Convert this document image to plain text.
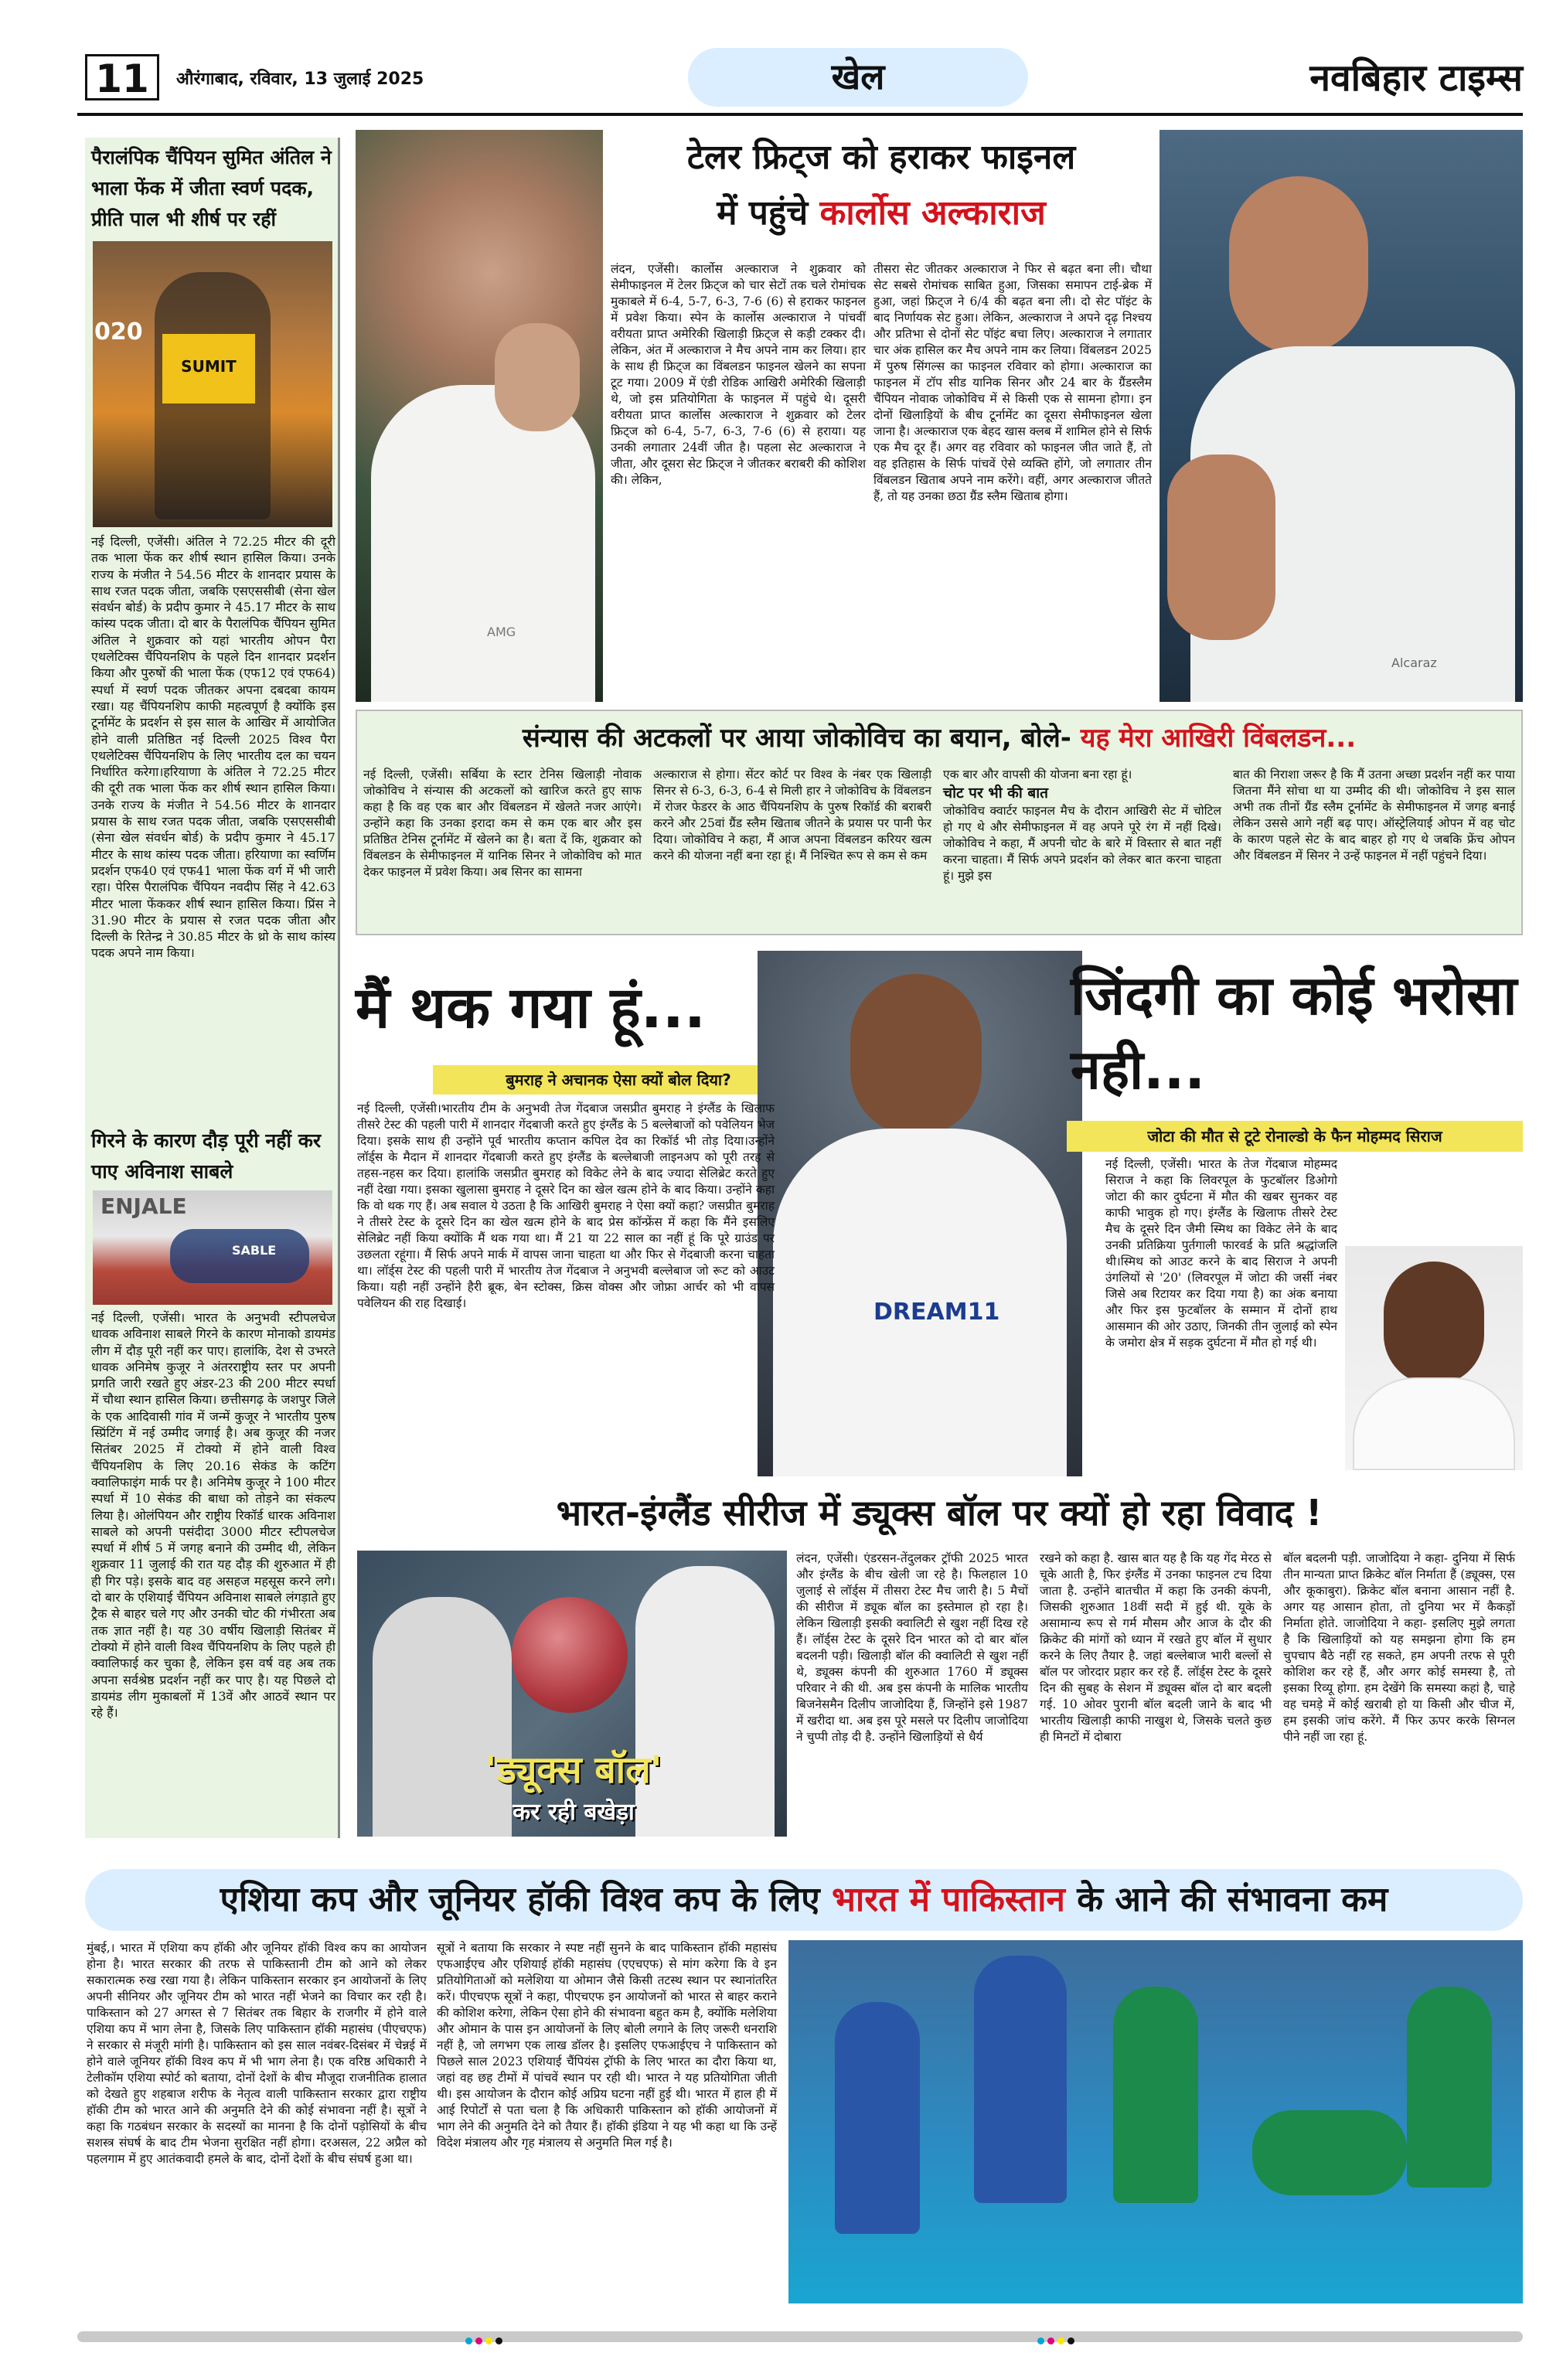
11	औरंगाबाद, रविवार, 13 जुलाई 2025	खेल	नवबिहार टाइम्स
पैरालंपिक चैंपियन सुमित अंतिल ने भाला फेंक में जीता स्वर्ण पदक, प्रीति पाल भी शीर्ष पर रहीं
SUMIT
020
नई दिल्ली, एजेंसी। अंतिल ने 72.25 मीटर की दूरी तक भाला फेंक कर शीर्ष स्थान हासिल किया। उनके राज्य के मंजीत ने 54.56 मीटर के शानदार प्रयास के साथ रजत पदक जीता, जबकि एसएससीबी (सेना खेल संवर्धन बोर्ड) के प्रदीप कुमार ने 45.17 मीटर के साथ कांस्य पदक जीता। दो बार के पैरालंपिक चैंपियन सुमित अंतिल ने शुक्रवार को यहां भारतीय ओपन पैरा एथलेटिक्स चैंपियनशिप के पहले दिन शानदार प्रदर्शन किया और पुरुषों की भाला फेंक (एफ12 एवं एफ64) स्पर्धा में स्वर्ण पदक जीतकर अपना दबदबा कायम रखा। यह चैंपियनशिप काफी महत्वपूर्ण है क्योंकि इस टूर्नामेंट के प्रदर्शन से इस साल के आखिर में आयोजित होने वाली प्रतिष्ठित नई दिल्ली 2025 विश्व पैरा एथलेटिक्स चैंपियनशिप के लिए भारतीय दल का चयन निर्धारित करेगा।हरियाणा के अंतिल ने 72.25 मीटर की दूरी तक भाला फेंक कर शीर्ष स्थान हासिल किया। उनके राज्य के मंजीत ने 54.56 मीटर के शानदार प्रयास के साथ रजत पदक जीता, जबकि एसएससीबी (सेना खेल संवर्धन बोर्ड) के प्रदीप कुमार ने 45.17 मीटर के साथ कांस्य पदक जीता। हरियाणा का स्वर्णिम प्रदर्शन एफ40 एवं एफ41 भाला फेंक वर्ग में भी जारी रहा। पेरिस पैरालंपिक चैंपियन नवदीप सिंह ने 42.63 मीटर भाला फेंककर शीर्ष स्थान हासिल किया। प्रिंस ने 31.90 मीटर के प्रयास से रजत पदक जीता और दिल्ली के रितेन्द्र ने 30.85 मीटर के थ्रो के साथ कांस्य पदक अपने नाम किया।
गिरने के कारण दौड़ पूरी नहीं कर पाए अविनाश साबले
ENJALE
SABLE
नई दिल्ली, एजेंसी। भारत के अनुभवी स्टीपलचेज धावक अविनाश साबले गिरने के कारण मोनाको डायमंड लीग में दौड़ पूरी नहीं कर पाए। हालांकि, देश से उभरते धावक अनिमेष कुजूर ने अंतरराष्ट्रीय स्तर पर अपनी प्रगति जारी रखते हुए अंडर-23 की 200 मीटर स्पर्धा में चौथा स्थान हासिल किया। छत्तीसगढ़ के जशपुर जिले के एक आदिवासी गांव में जन्में कुजूर ने भारतीय पुरुष स्प्रिंटिंग में नई उम्मीद जगाई है। अब कुजूर की नजर सितंबर 2025 में टोक्यो में होने वाली विश्व चैंपियनशिप के लिए 20.16 सेकंड के कटिंग क्वालिफाइंग मार्क पर है। अनिमेष कुजूर ने 100 मीटर स्पर्धा में 10 सेकंड की बाधा को तोड़ने का संकल्प लिया है। ओलंपियन और राष्ट्रीय रिकॉर्ड धारक अविनाश साबले को अपनी पसंदीदा 3000 मीटर स्टीपलचेज स्पर्धा में शीर्ष 5 में जगह बनाने की उम्मीद थी, लेकिन शुक्रवार 11 जुलाई की रात यह दौड़ की शुरुआत में ही ही गिर पड़े। इसके बाद वह असहज महसूस करने लगे। दो बार के एशियाई चैंपियन अविनाश साबले लंगड़ाते हुए ट्रैक से बाहर चले गए और उनकी चोट की गंभीरता अब तक ज्ञात नहीं है। यह 30 वर्षीय खिलाड़ी सितंबर में टोक्यो में होने वाली विश्व चैंपियनशिप के लिए पहले ही क्वालिफाई कर चुका है, लेकिन इस वर्ष वह अब तक अपना सर्वश्रेष्ठ प्रदर्शन नहीं कर पाए है। यह पिछले दो डायमंड लीग मुकाबलों में 13वें और आठवें स्थान पर रहे हैं।
AMG
टेलर फ्रिट्ज को हराकर फाइनल
में पहुंचे कार्लोस अल्काराज
लंदन, एजेंसी। कार्लोस अल्काराज ने शुक्रवार को सेमीफाइनल में टेलर फ्रिट्ज को चार सेटों तक चले रोमांचक मुकाबले में 6-4, 5-7, 6-3, 7-6 (6) से हराकर फाइनल में प्रवेश किया। स्पेन के कार्लोस अल्काराज ने पांचवीं वरीयता प्राप्त अमेरिकी खिलाड़ी फ्रिट्ज से कड़ी टक्कर दी। लेकिन, अंत में अल्काराज ने मैच अपने नाम कर लिया। हार के साथ ही फ्रिट्ज का विंबलडन फाइनल खेलने का सपना टूट गया। 2009 में एंडी रोडिक आखिरी अमेरिकी खिलाड़ी थे, जो इस प्रतियोगिता के फाइनल में पहुंचे थे। दूसरी वरीयता प्राप्त कार्लोस अल्काराज ने शुक्रवार को टेलर फ्रिट्ज को 6-4, 5-7, 6-3, 7-6 (6) से हराया। यह उनकी लगातार 24वीं जीत है। पहला सेट अल्काराज ने जीता, और दूसरा सेट फ्रिट्ज ने जीतकर बराबरी की कोशिश की। लेकिन,
तीसरा सेट जीतकर अल्काराज ने फिर से बढ़त बना ली। चौथा सेट सबसे रोमांचक साबित हुआ, जिसका समापन टाई-ब्रेक में हुआ, जहां फ्रिट्ज ने 6/4 की बढ़त बना ली। दो सेट पॉइंट के बाद निर्णायक सेट हुआ। लेकिन, अल्काराज ने अपने दृढ़ निश्चय और प्रतिभा से दोनों सेट पॉइंट बचा लिए। अल्काराज ने लगातार चार अंक हासिल कर मैच अपने नाम कर लिया। विंबलडन 2025 में पुरुष सिंगल्स का फाइनल रविवार को होगा। अल्काराज का फाइनल में टॉप सीड यानिक सिनर और 24 बार के ग्रैंडस्लैम चैंपियन नोवाक जोकोविच में से किसी एक से सामना होगा। इन दोनों खिलाड़ियों के बीच टूर्नामेंट का दूसरा सेमीफाइनल खेला जाना है। अल्काराज एक बेहद खास क्लब में शामिल होने से सिर्फ एक मैच दूर हैं। अगर वह रविवार को फाइनल जीत जाते हैं, तो वह इतिहास के सिर्फ पांचवें ऐसे व्यक्ति होंगे, जो लगातार तीन विंबलडन खिताब अपने नाम करेंगे। वहीं, अगर अल्काराज जीतते हैं, तो यह उनका छठा ग्रैंड स्लैम खिताब होगा।
Alcaraz
संन्यास की अटकलों पर आया जोकोविच का बयान, बोले- यह मेरा आखिरी विंबलडन...
नई दिल्ली, एजेंसी। सर्बिया के स्टार टेनिस खिलाड़ी नोवाक जोकोविच ने संन्यास की अटकलों को खारिज करते हुए साफ कहा है कि वह एक बार और विंबलडन में खेलते नजर आएंगे। उन्होंने कहा कि उनका इरादा कम से कम एक बार और इस प्रतिष्ठित टेनिस टूर्नामेंट में खेलने का है। बता दें कि, शुक्रवार को विंबलडन के सेमीफाइनल में यानिक सिनर ने जोकोविच को मात देकर फाइनल में प्रवेश किया। अब सिनर का सामना
अल्काराज से होगा। सेंटर कोर्ट पर विश्व के नंबर एक खिलाड़ी सिनर से 6-3, 6-3, 6-4 से मिली हार ने जोकोविच के विंबलडन में रोजर फेडरर के आठ चैंपियनशिप के पुरुष रिकॉर्ड की बराबरी करने और 25वां ग्रैंड स्लैम खिताब जीतने के प्रयास पर पानी फेर दिया। जोकोविच ने कहा, मैं आज अपना विंबलडन करियर खत्म करने की योजना नहीं बना रहा हूं। मैं निश्चित रूप से कम से कम
एक बार और वापसी की योजना बना रहा हूं।
चोट पर भी की बात
जोकोविच क्वार्टर फाइनल मैच के दौरान आखिरी सेट में चोटिल हो गए थे और सेमीफाइनल में वह अपने पूरे रंग में नहीं दिखे। जोकोविच ने कहा, मैं अपनी चोट के बारे में विस्तार से बात नहीं करना चाहता। मैं सिर्फ अपने प्रदर्शन को लेकर बात करना चाहता हूं। मुझे इस
बात की निराशा जरूर है कि मैं उतना अच्छा प्रदर्शन नहीं कर पाया जितना मैंने सोचा था या उम्मीद की थी। जोकोविच ने इस साल अभी तक तीनों ग्रैंड स्लैम टूर्नामेंट के सेमीफाइनल में जगह बनाई लेकिन उससे आगे नहीं बढ़ पाए। ऑस्ट्रेलियाई ओपन में वह चोट के कारण पहले सेट के बाद बाहर हो गए थे जबकि फ्रेंच ओपन और विंबलडन में सिनर ने उन्हें फाइनल में नहीं पहुंचने दिया।
मैं थक गया हूं...
बुमराह ने अचानक ऐसा क्यों बोल दिया?
DREAM11
नई दिल्ली, एजेंसी।भारतीय टीम के अनुभवी तेज गेंदबाज जसप्रीत बुमराह ने इंग्लैंड के खिलाफ तीसरे टेस्ट की पहली पारी में शानदार गेंदबाजी करते हुए इंग्लैंड के 5 बल्लेबाजों को पवेलियन भेज दिया। इसके साथ ही उन्होंने पूर्व भारतीय कप्तान कपिल देव का रिकॉर्ड भी तोड़ दिया।उन्होंने लॉर्ड्स के मैदान में शानदार गेंदबाजी करते हुए इंग्लैंड के बल्लेबाजी लाइनअप को पूरी तरह से तहस-नहस कर दिया। हालांकि जसप्रीत बुमराह को विकेट लेने के बाद ज्यादा सेलिब्रेट करते हुए नहीं देखा गया। इसका खुलासा बुमराह ने दूसरे दिन का खेल खत्म होने के बाद किया। उन्होंने कहा कि वो थक गए हैं। अब सवाल ये उठता है कि आखिरी बुमराह ने ऐसा क्यों कहा? जसप्रीत बुमराह ने तीसरे टेस्ट के दूसरे दिन का खेल खत्म होने के बाद प्रेस कॉन्फ्रेंस में कहा कि मैंने इसलिए सेलिब्रेट नहीं किया क्योंकि मैं थक गया था। मैं 21 या 22 साल का नहीं हूं कि पूरे ग्राउंड पर उछलता रहूंगा। मैं सिर्फ अपने मार्क में वापस जाना चाहता था और फिर से गेंदबाजी करना चाहता था। लॉर्ड्स टेस्ट की पहली पारी में भारतीय तेज गेंदबाज ने अनुभवी बल्लेबाज जो रूट को आउट किया। यही नहीं उन्होंने हैरी ब्रूक, बेन स्टोक्स, क्रिस वोक्स और जोफ्रा आर्चर को भी वापस पवेलियन की राह दिखाई।
जिंदगी का कोई भरोसा नही...
जोटा की मौत से टूटे रोनाल्डो के फैन मोहम्मद सिराज
नई दिल्ली, एजेंसी। भारत के तेज गेंदबाज मोहम्मद सिराज ने कहा कि लिवरपूल के फुटबॉलर डिओगो जोटा की कार दुर्घटना में मौत की खबर सुनकर वह काफी भावुक हो गए। इंग्लैंड के खिलाफ तीसरे टेस्ट मैच के दूसरे दिन जैमी स्मिथ का विकेट लेने के बाद उनकी प्रतिक्रिया पुर्तगाली फारवर्ड के प्रति श्रद्धांजलि थी।स्मिथ को आउट करने के बाद सिराज ने अपनी उंगलियों से '20' (लिवरपूल में जोटा की जर्सी नंबर जिसे अब रिटायर कर दिया गया है) का अंक बनाया और फिर इस फुटबॉलर के सम्मान में दोनों हाथ आसमान की ओर उठाए, जिनकी तीन जुलाई को स्पेन के जमोरा क्षेत्र में सड़क दुर्घटना में मौत हो गई थी।
भारत-इंग्लैंड सीरीज में ड्यूक्स बॉल पर क्यों हो रहा विवाद !
'ड्यूक्स बॉल'
कर रही बखेड़ा
लंदन, एजेंसी। एंडरसन-तेंदुलकर ट्रॉफी 2025 भारत और इंग्लैंड के बीच खेली जा रहे है। फिलहाल 10 जुलाई से लॉर्ड्स में तीसरा टेस्ट मैच जारी है। 5 मैचों की सीरीज में ड्यूक बॉल का इस्तेमाल हो रहा है। लेकिन खिलाड़ी इसकी क्वालिटी से खुश नहीं दिख रहे हैं। लॉर्ड्स टेस्ट के दूसरे दिन भारत को दो बार बॉल बदलनी पड़ी। खिलाड़ी बॉल की क्वालिटी से खुश नहीं थे, ड्यूक्स कंपनी की शुरुआत 1760 में ड्यूक्स परिवार ने की थी. अब इस कंपनी के मालिक भारतीय बिजनेसमैन दिलीप जाजोदिया हैं, जिन्होंने इसे 1987 में खरीदा था. अब इस पूरे मसले पर दिलीप जाजोदिया ने चुप्पी तोड़ दी है. उन्होंने खिलाड़ियों से धैर्य
रखने को कहा है. खास बात यह है कि यह गेंद मेरठ से चूके आती है, फिर इंग्लैंड में उनका फाइनल टच दिया जाता है. उन्होंने बातचीत में कहा कि उनकी कंपनी, जिसकी शुरुआत 18वीं सदी में हुई थी. यूके के असामान्य रूप से गर्म मौसम और आज के दौर की क्रिकेट की मांगों को ध्यान में रखते हुए बॉल में सुधार करने के लिए तैयार है. जहां बल्लेबाज भारी बल्लों से बॉल पर जोरदार प्रहार कर रहे हैं. लॉर्ड्स टेस्ट के दूसरे दिन की सुबह के सेशन में ड्यूक्स बॉल दो बार बदली गई. 10 ओवर पुरानी बॉल बदली जाने के बाद भी भारतीय खिलाड़ी काफी नाखुश थे, जिसके चलते कुछ ही मिनटों में दोबारा
बॉल बदलनी पड़ी. जाजोदिया ने कहा- दुनिया में सिर्फ तीन मान्यता प्राप्त क्रिकेट बॉल निर्माता हैं (ड्यूक्स, एस और कूकाबुरा). क्रिकेट बॉल बनाना आसान नहीं है. अगर यह आसान होता, तो दुनिया भर में कैकड़ों निर्माता होते. जाजोदिया ने कहा- इसलिए मुझे लगता है कि खिलाड़ियों को यह समझना होगा कि हम चुपचाप बैठे नहीं रह सकते, हम अपनी तरफ से पूरी कोशिश कर रहे हैं, और अगर कोई समस्या है, तो इसका रिव्यू होगा. हम देखेंगे कि समस्या कहां है, चाहे वह चमड़े में कोई खराबी हो या किसी और चीज में, हम इसकी जांच करेंगे. मैं फिर ऊपर करके सिग्नल पीने नहीं जा रहा हूं.
एशिया कप और जूनियर हॉकी विश्व कप के लिए भारत में पाकिस्तान के आने की संभावना कम
मुंबई,। भारत में एशिया कप हॉकी और जूनियर हॉकी विश्व कप का आयोजन होना है। भारत सरकार की तरफ से पाकिस्तानी टीम को आने को लेकर सकारात्मक रुख रखा गया है। लेकिन पाकिस्तान सरकार इन आयोजनों के लिए अपनी सीनियर और जूनियर टीम को भारत नहीं भेजने का विचार कर रही है। पाकिस्तान को 27 अगस्त से 7 सितंबर तक बिहार के राजगीर में होने वाले एशिया कप में भाग लेना है, जिसके लिए पाकिस्तान हॉकी महासंघ (पीएचएफ) ने सरकार से मंजूरी मांगी है। पाकिस्तान को इस साल नवंबर-दिसंबर में चेन्नई में होने वाले जूनियर हॉकी विश्व कप में भी भाग लेना है। एक वरिष्ठ अधिकारी ने टेलीकॉम एशिया स्पोर्ट को बताया, दोनों देशों के बीच मौजूदा राजनीतिक हालात को देखते हुए शहबाज शरीफ के नेतृत्व वाली पाकिस्तान सरकार द्वारा राष्ट्रीय हॉकी टीम को भारत आने की अनुमति देने की कोई संभावना नहीं है। सूत्रों ने कहा कि गठबंधन सरकार के सदस्यों का मानना है कि दोनों पड़ोसियों के बीच सशस्त्र संघर्ष के बाद टीम भेजना सुरक्षित नहीं होगा। दरअसल, 22 अप्रैल को पहलगाम में हुए आतंकवादी हमले के बाद, दोनों देशों के बीच संघर्ष हुआ था।
सूत्रों ने बताया कि सरकार ने स्पष्ट नहीं सुनने के बाद पाकिस्तान हॉकी महासंघ एफआईएच और एशियाई हॉकी महासंघ (एएचएफ) से मांग करेगा कि वे इन प्रतियोगिताओं को मलेशिया या ओमान जैसे किसी तटस्थ स्थान पर स्थानांतरित करें। पीएचएफ सूत्रों ने कहा, पीएचएफ इन आयोजनों को भारत से बाहर कराने की कोशिश करेगा, लेकिन ऐसा होने की संभावना बहुत कम है, क्योंकि मलेशिया और ओमान के पास इन आयोजनों के लिए बोली लगाने के लिए जरूरी धनराशि नहीं है, जो लगभग एक लाख डॉलर है। इसलिए एफआईएच ने पाकिस्तान को पिछले साल 2023 एशियाई चैंपियंस ट्रॉफी के लिए भारत का दौरा किया था, जहां वह छह टीमों में पांचवें स्थान पर रही थी। भारत ने यह प्रतियोगिता जीती थी। इस आयोजन के दौरान कोई अप्रिय घटना नहीं हुई थी। भारत में हाल ही में आई रिपोर्टों से पता चला है कि अधिकारी पाकिस्तान को हॉकी आयोजनों में भाग लेने की अनुमति देने को तैयार हैं। हॉकी इंडिया ने यह भी कहा था कि उन्हें विदेश मंत्रालय और गृह मंत्रालय से अनुमति मिल गई है।
